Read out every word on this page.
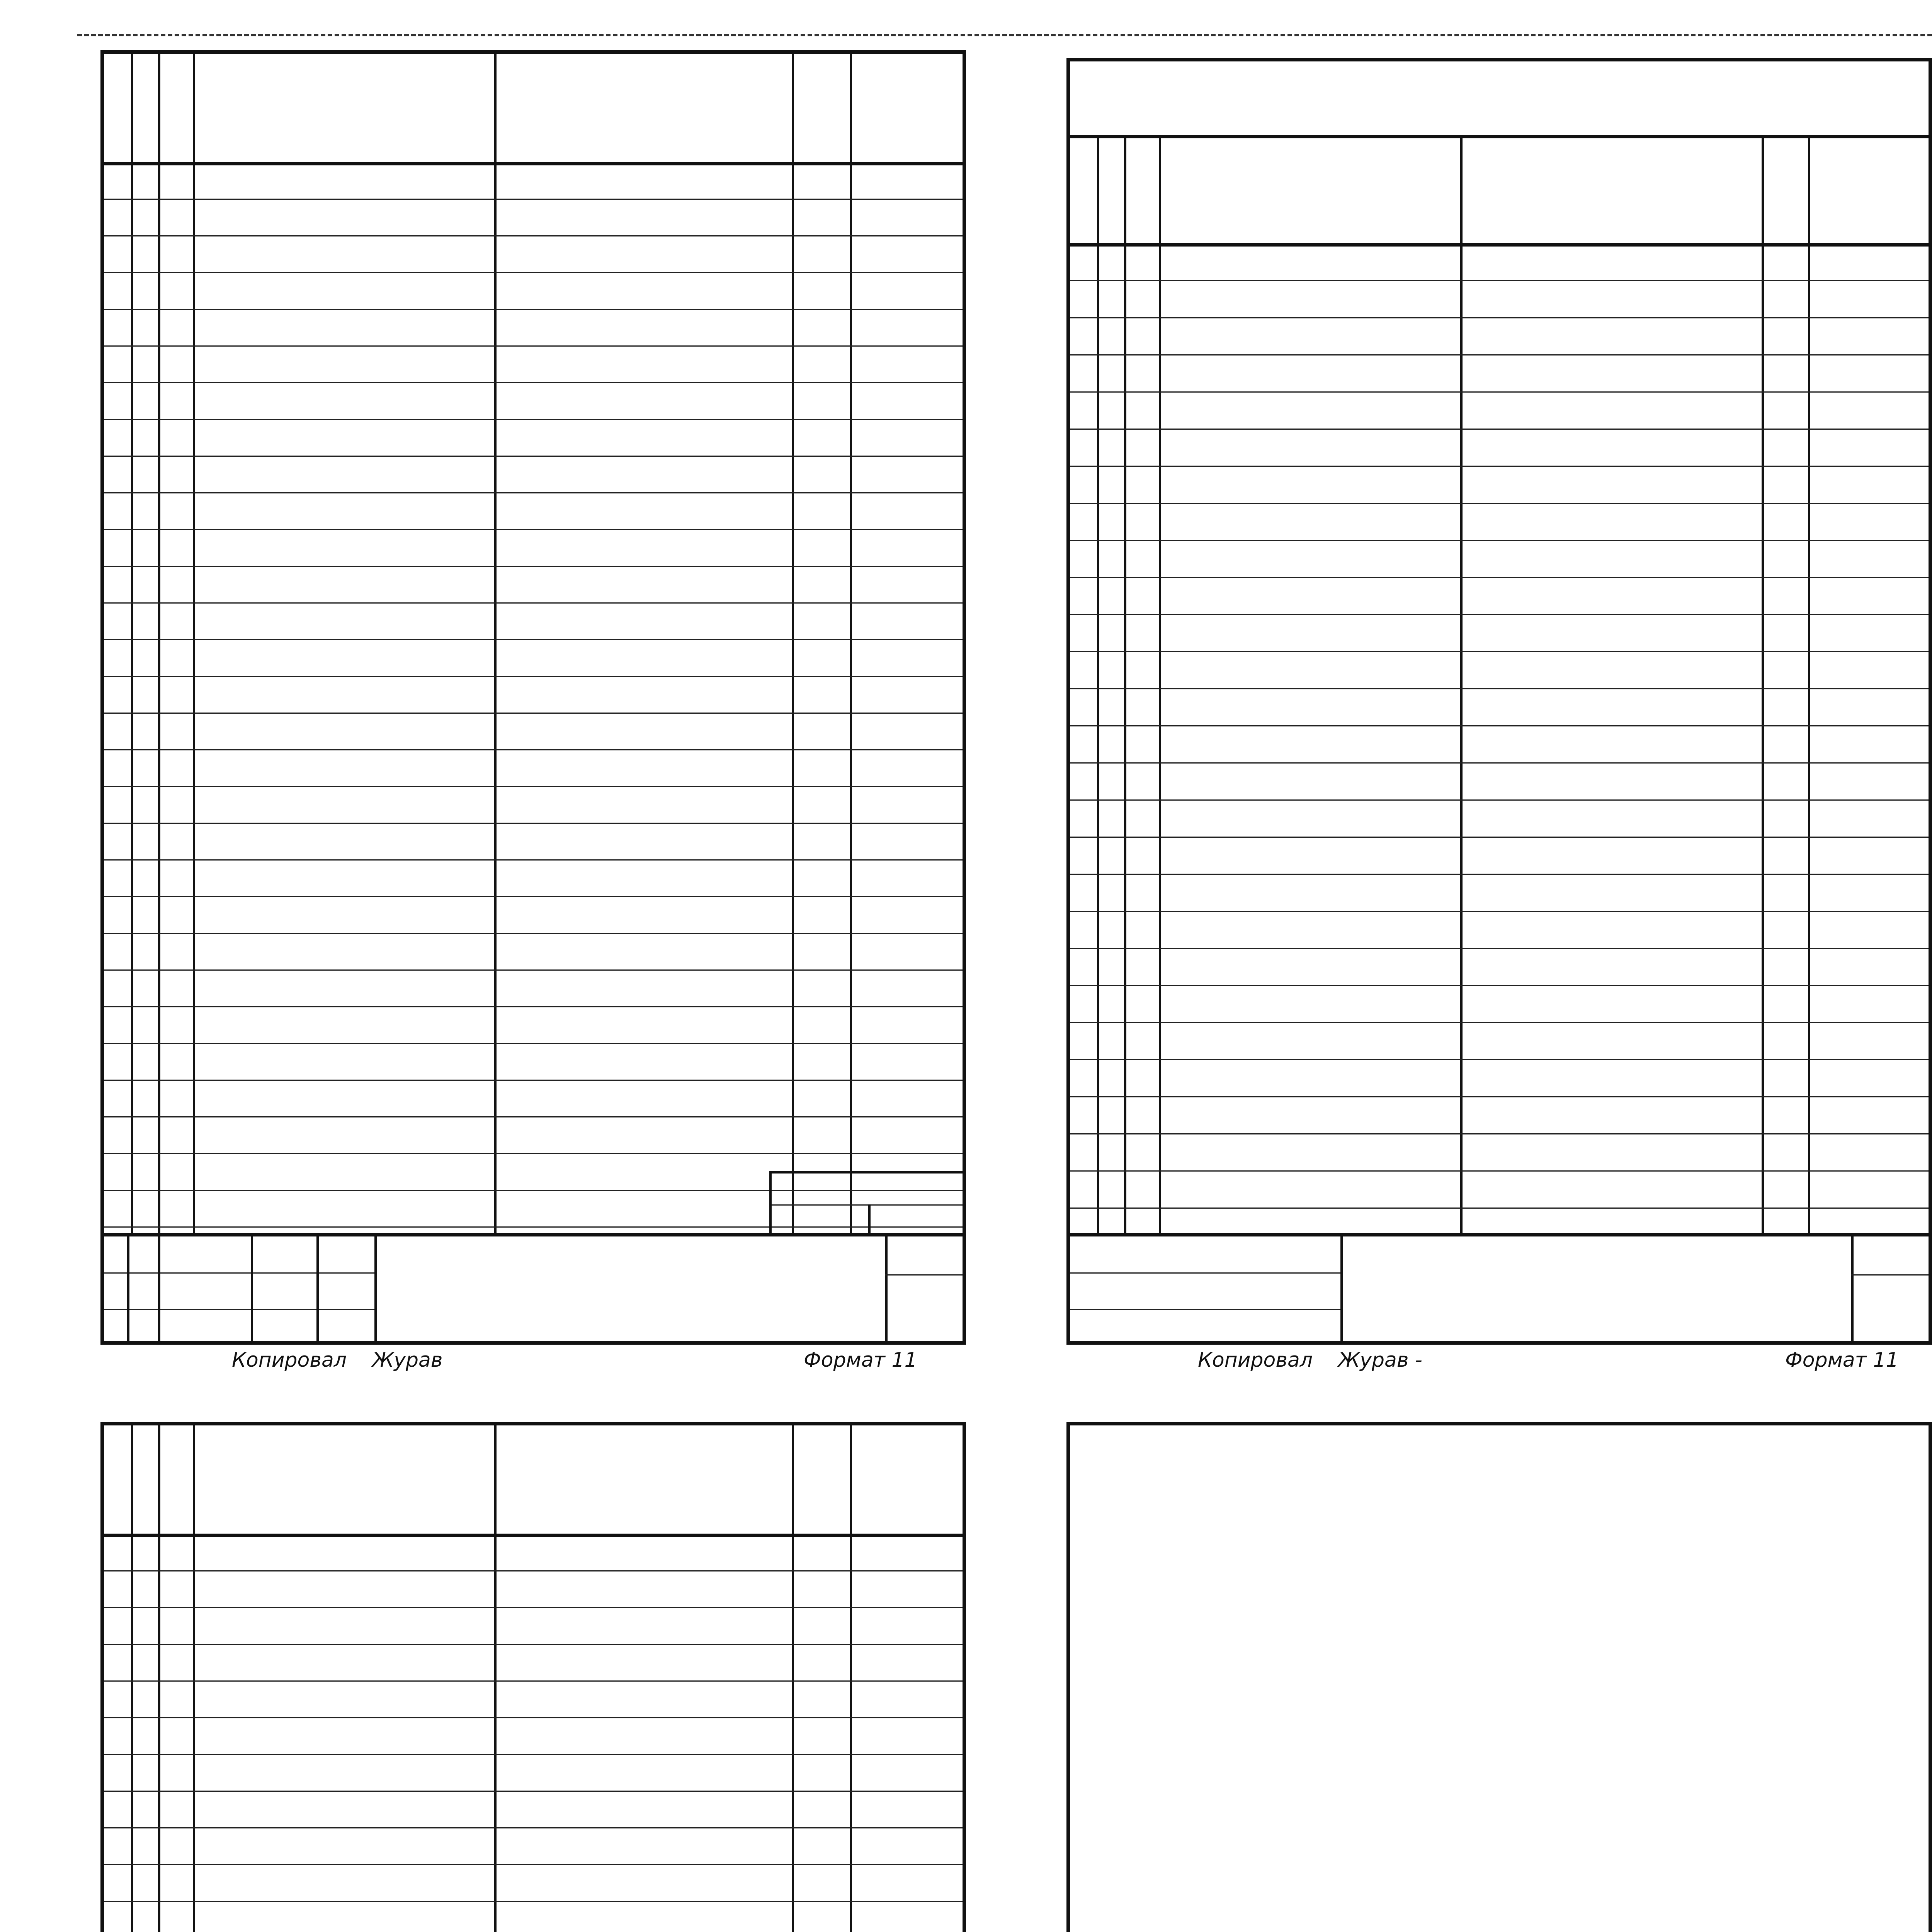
Копировал Журав	Формат 11	Копировал Журав -	Формат 11
